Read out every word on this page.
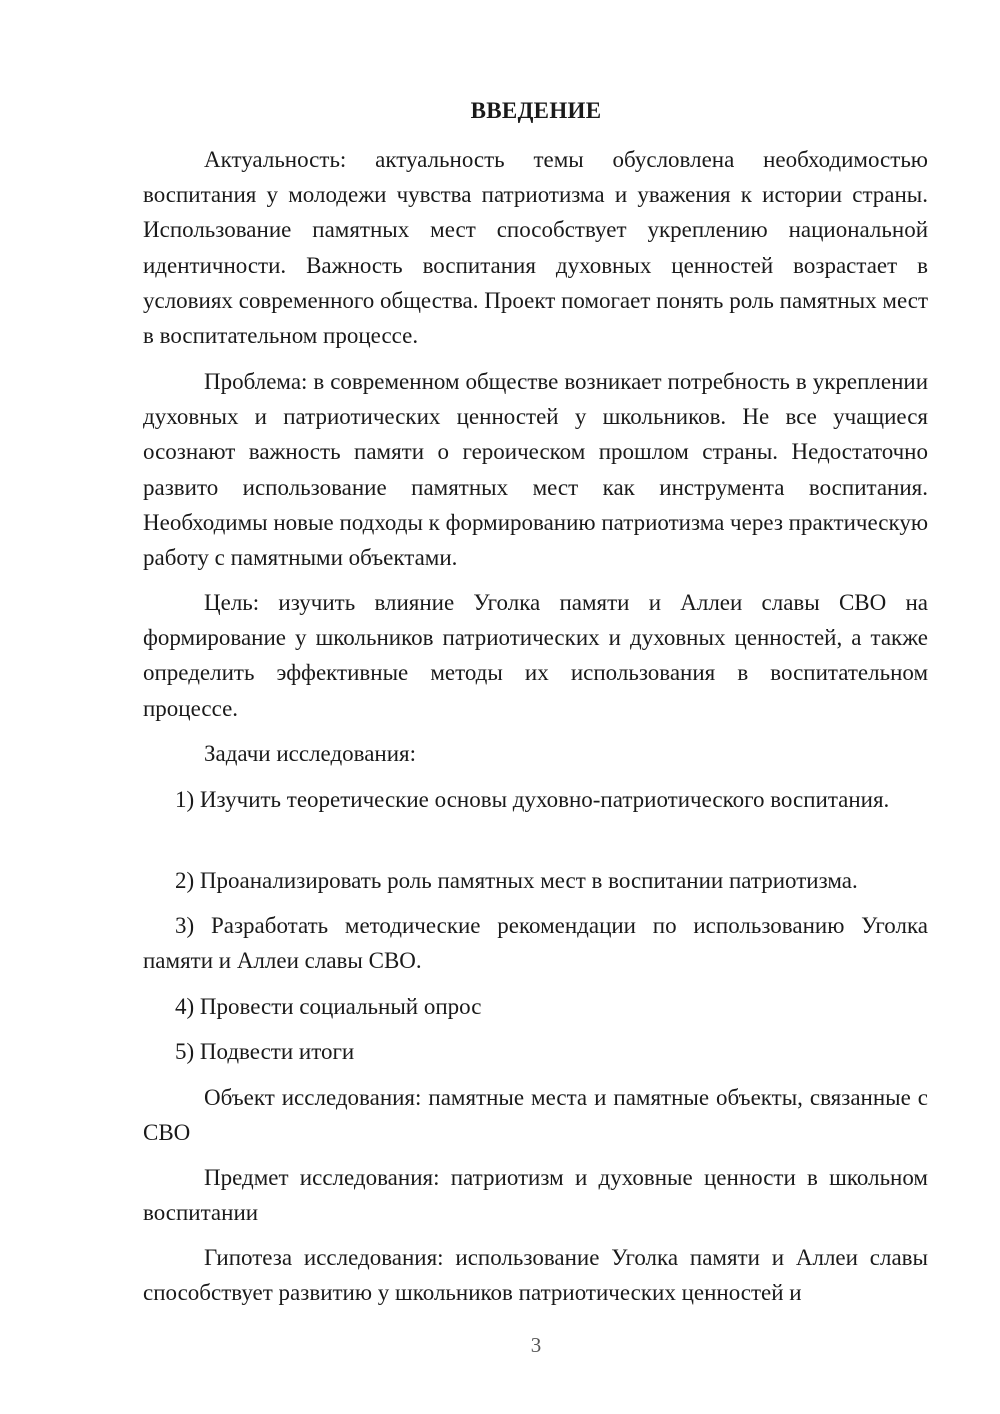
ВВЕДЕНИЕ

Актуальность: актуальность темы обусловлена необходимостью воспитания у молодежи чувства патриотизма и уважения к истории страны. Использование памятных мест способствует укреплению национальной идентичности. Важность воспитания духовных ценностей возрастает в условиях современного общества. Проект помогает понять роль памятных мест в воспитательном процессе.

Проблема: в современном обществе возникает потребность в укреплении духовных и патриотических ценностей у школьников. Не все учащиеся осознают важность памяти о героическом прошлом страны. Недостаточно развито использование памятных мест как инструмента воспитания. Необходимы новые подходы к формированию патриотизма через практическую работу с памятными объектами.

Цель: изучить влияние Уголка памяти и Аллеи славы СВО на формирование у школьников патриотических и духовных ценностей, а также определить эффективные методы их использования в воспитательном процессе.

Задачи исследования:

1) Изучить теоретические основы духовно-патриотического воспитания.

2) Проанализировать роль памятных мест в воспитании патриотизма.

3) Разработать методические рекомендации по использованию Уголка памяти и Аллеи славы СВО.

4) Провести социальный опрос

5) Подвести итоги

Объект исследования: памятные места и памятные объекты, связанные с СВО

Предмет исследования: патриотизм и духовные ценности в школьном воспитании

Гипотеза исследования: использование Уголка памяти и Аллеи славы способствует развитию у школьников патриотических ценностей и

3
